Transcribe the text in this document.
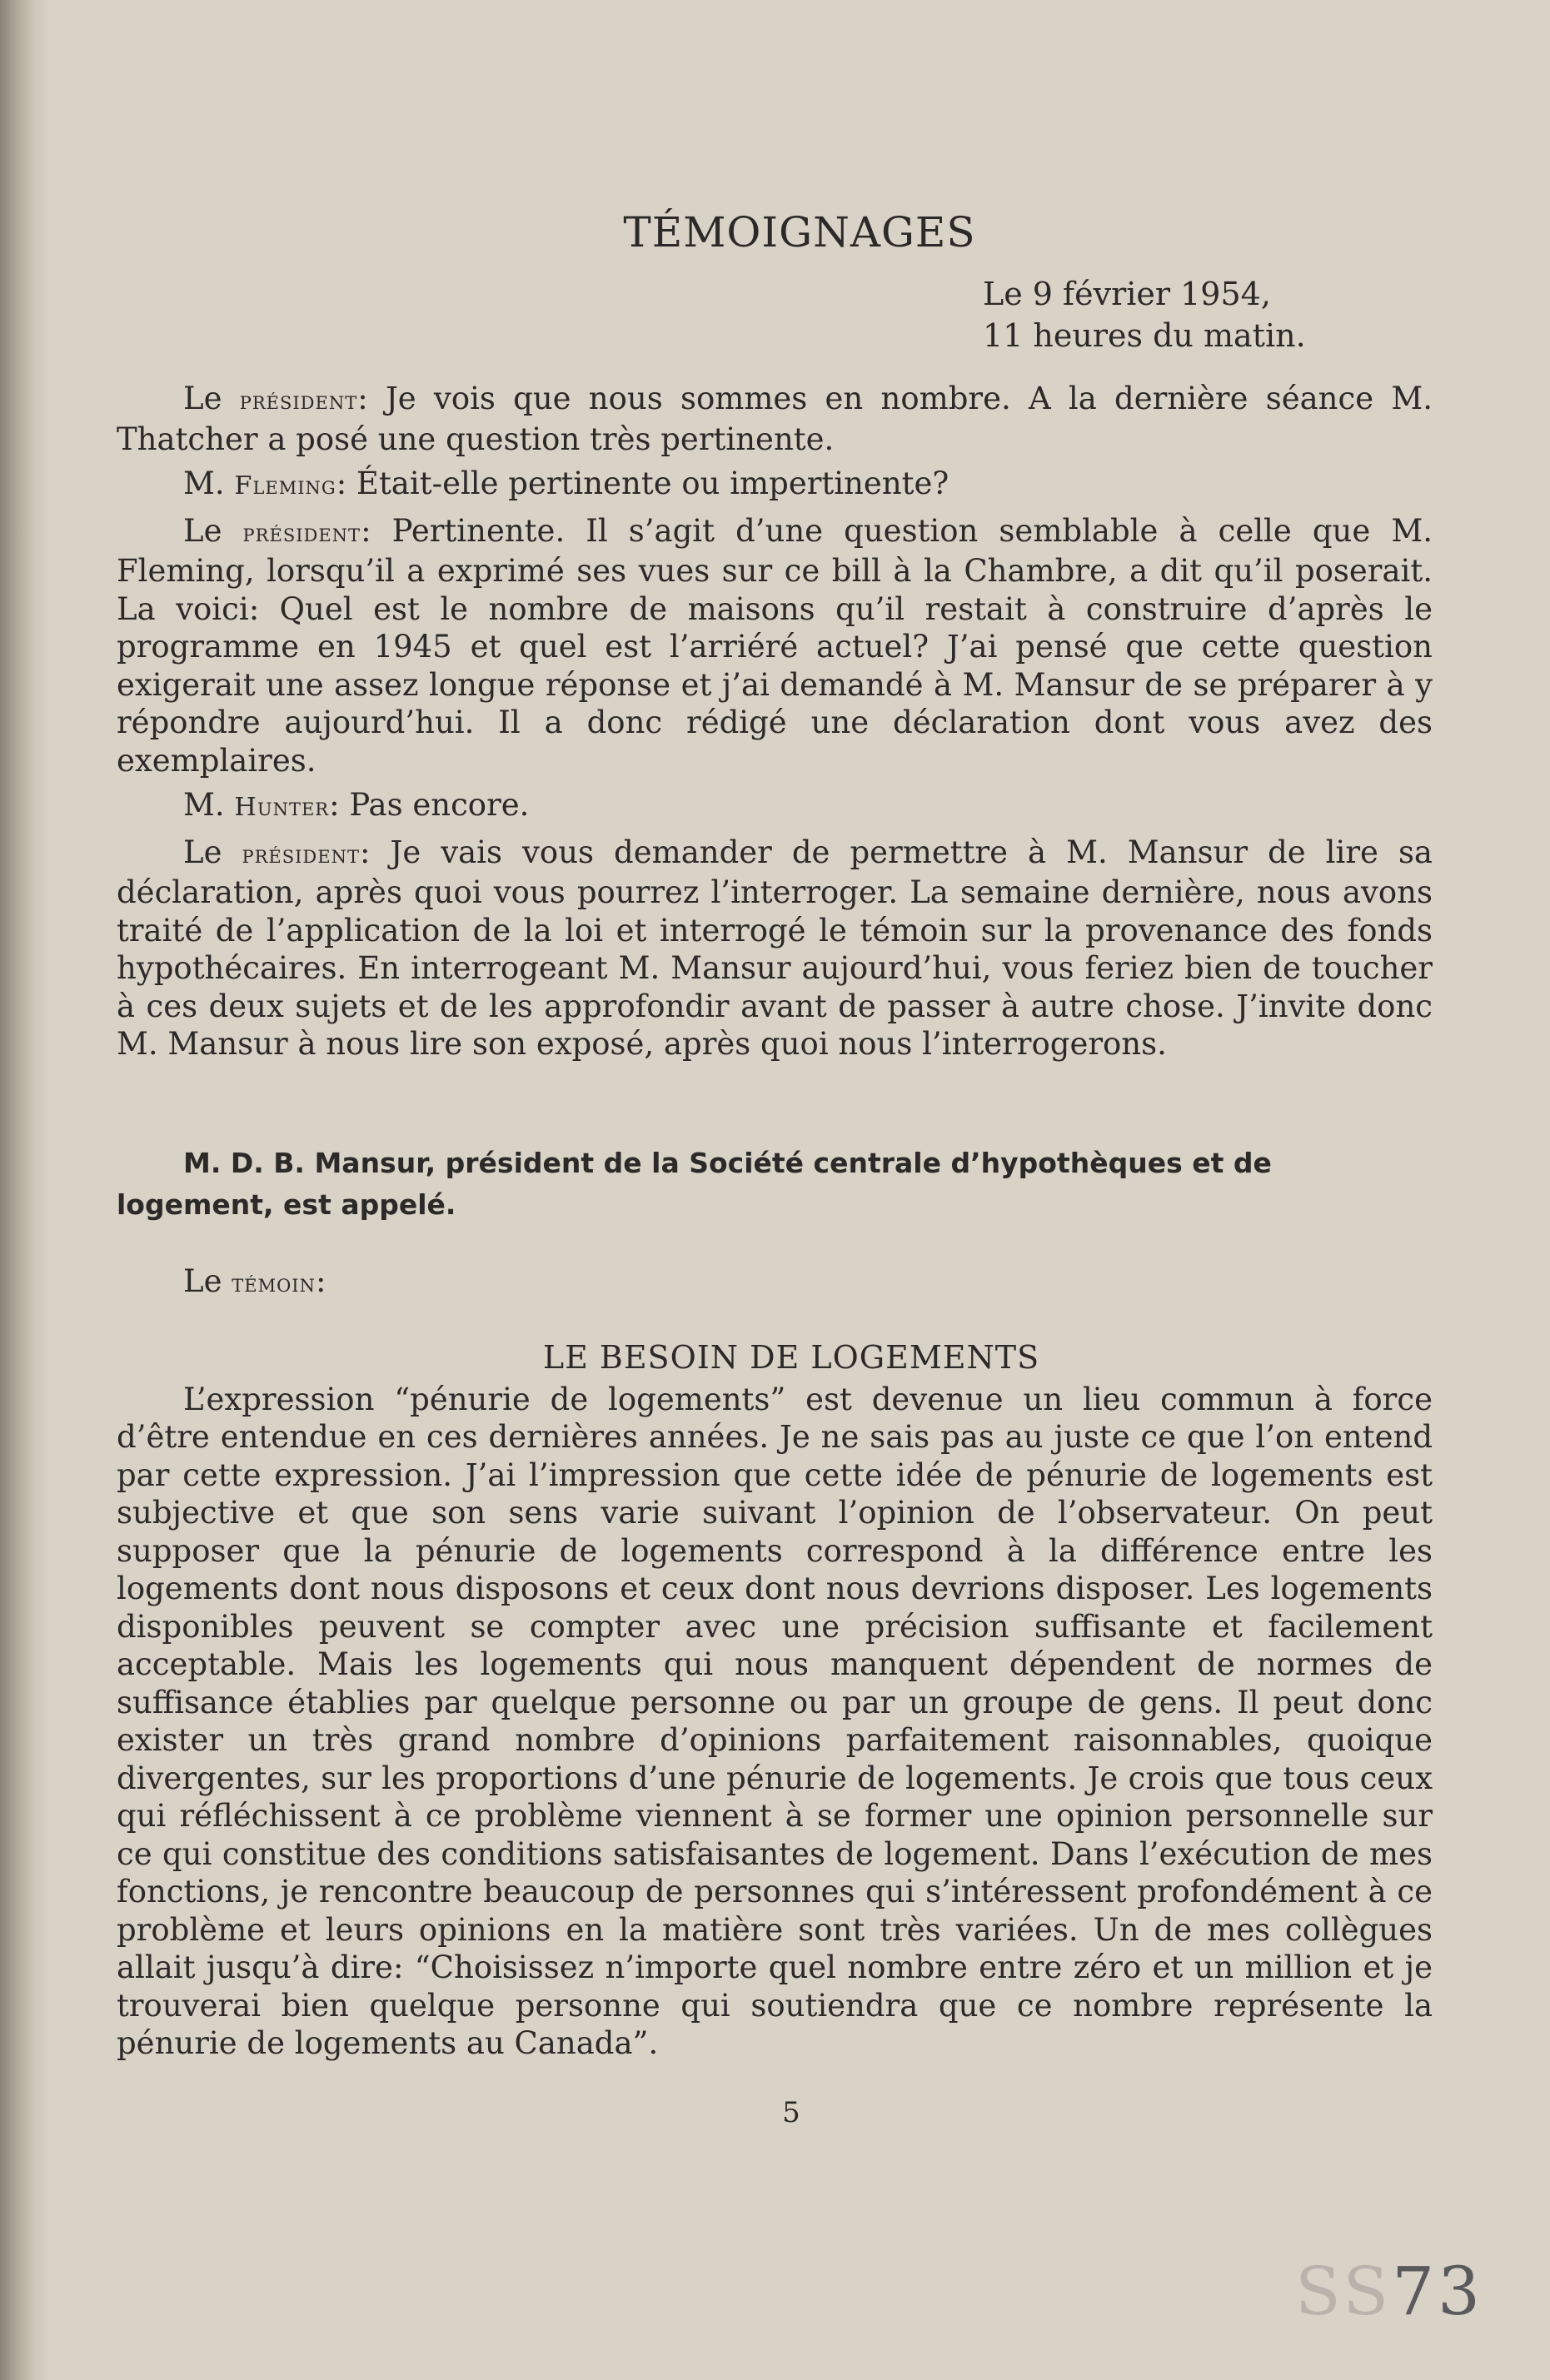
TÉMOIGNAGES
Le 9 février 1954,
11 heures du matin.

Le président: Je vois que nous sommes en nombre. A la dernière séance M. Thatcher a posé une question très pertinente.

M. Fleming: Était-elle pertinente ou impertinente?

Le président: Pertinente. Il s’agit d’une question semblable à celle que M. Fleming, lorsqu’il a exprimé ses vues sur ce bill à la Chambre, a dit qu’il poserait. La voici: Quel est le nombre de maisons qu’il restait à construire d’après le programme en 1945 et quel est l’arriéré actuel? J’ai pensé que cette question exigerait une assez longue réponse et j’ai demandé à M. Mansur de se préparer à y répondre aujourd’hui. Il a donc rédigé une déclaration dont vous avez des exemplaires.

M. Hunter: Pas encore.

Le président: Je vais vous demander de permettre à M. Mansur de lire sa déclaration, après quoi vous pourrez l’interroger. La semaine dernière, nous avons traité de l’application de la loi et interrogé le témoin sur la provenance des fonds hypothécaires. En interrogeant M. Mansur aujourd’hui, vous feriez bien de toucher à ces deux sujets et de les approfondir avant de passer à autre chose. J’invite donc M. Mansur à nous lire son exposé, après quoi nous l’interrogerons.

M. D. B. Mansur, président de la Société centrale d’hypothèques et de logement, est appelé.
Le témoin:
LE BESOIN DE LOGEMENTS

L’expression “pénurie de logements” est devenue un lieu commun à force d’être entendue en ces dernières années. Je ne sais pas au juste ce que l’on entend par cette expression. J’ai l’impression que cette idée de pénurie de logements est subjective et que son sens varie suivant l’opinion de l’observateur. On peut supposer que la pénurie de logements correspond à la différence entre les logements dont nous disposons et ceux dont nous devrions disposer. Les logements disponibles peuvent se compter avec une précision suffisante et facilement acceptable. Mais les logements qui nous manquent dépendent de normes de suffisance établies par quelque personne ou par un groupe de gens. Il peut donc exister un très grand nombre d’opinions parfaitement raisonnables, quoique divergentes, sur les proportions d’une pénurie de logements. Je crois que tous ceux qui réfléchissent à ce problème viennent à se former une opinion personnelle sur ce qui constitue des conditions satisfaisantes de logement. Dans l’exécution de mes fonctions, je rencontre beaucoup de personnes qui s’intéressent profondément à ce problème et leurs opinions en la matière sont très variées. Un de mes collègues allait jusqu’à dire: “Choisissez n’importe quel nombre entre zéro et un million et je trouverai bien quelque personne qui soutiendra que ce nombre représente la pénurie de logements au Canada”.

5
SS73
